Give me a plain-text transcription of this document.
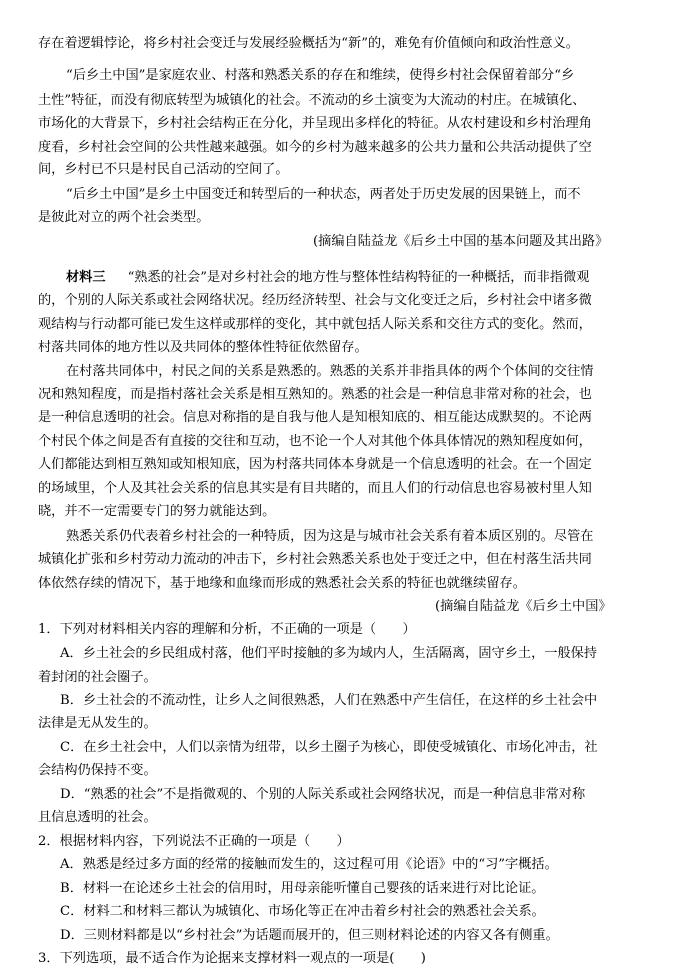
存在着逻辑悖论，将乡村社会变迁与发展经验概括为“新”的，难免有价值倾向和政治性意义。
“后乡土中国”是家庭农业、村落和熟悉关系的存在和维续，使得乡村社会保留着部分“乡
土性”特征，而没有彻底转型为城镇化的社会。不流动的乡土演变为大流动的村庄。在城镇化、
市场化的大背景下，乡村社会结构正在分化，并呈现出多样化的特征。从农村建设和乡村治理角
度看，乡村社会空间的公共性越来越强。如今的乡村为越来越多的公共力量和公共活动提供了空
间，乡村已不只是村民自己活动的空间了。
“后乡土中国”是乡土中国变迁和转型后的一种状态，两者处于历史发展的因果链上，而不
是彼此对立的两个社会类型。
(摘编自陆益龙《后乡土中国的基本问题及其出路》
材料三 “熟悉的社会”是对乡村社会的地方性与整体性结构特征的一种概括，而非指微观
的，个别的人际关系或社会网络状况。经历经济转型、社会与文化变迁之后，乡村社会中诸多微
观结构与行动都可能已发生这样或那样的变化，其中就包括人际关系和交往方式的变化。然而，
村落共同体的地方性以及共同体的整体性特征依然留存。
在村落共同体中，村民之间的关系是熟悉的。熟悉的关系并非指具体的两个个体间的交往情
况和熟知程度，而是指村落社会关系是相互熟知的。熟悉的社会是一种信息非常对称的社会，也
是一种信息透明的社会。信息对称指的是自我与他人是知根知底的、相互能达成默契的。不论两
个村民个体之间是否有直接的交往和互动，也不论一个人对其他个体具体情况的熟知程度如何，
人们都能达到相互熟知或知根知底，因为村落共同体本身就是一个信息透明的社会。在一个固定
的场域里，个人及其社会关系的信息其实是有目共睹的，而且人们的行动信息也容易被村里人知
晓，并不一定需要专门的努力就能达到。
熟悉关系仍代表着乡村社会的一种特质，因为这是与城市社会关系有着本质区别的。尽管在
城镇化扩张和乡村劳动力流动的冲击下，乡村社会熟悉关系也处于变迁之中，但在村落生活共同
体依然存续的情况下，基于地缘和血缘而形成的熟悉社会关系的特征也就继续留存。
(摘编自陆益龙《后乡土中国》
1．下列对材料相关内容的理解和分析，不正确的一项是（　　）
A．乡土社会的乡民组成村落，他们平时接触的多为域内人，生活隔离，固守乡土，一般保持
着封闭的社会圈子。
B．乡土社会的不流动性，让乡人之间很熟悉，人们在熟悉中产生信任，在这样的乡土社会中
法律是无从发生的。
C．在乡土社会中，人们以亲情为纽带，以乡土圈子为核心，即使受城镇化、市场化冲击，社
会结构仍保持不变。
D．“熟悉的社会”不是指微观的、个别的人际关系或社会网络状况，而是一种信息非常对称
且信息透明的社会。
2．根据材料内容，下列说法不正确的一项是（　　）
A．熟悉是经过多方面的经常的接触而发生的，这过程可用《论语》中的“习”字概括。
B．材料一在论述乡土社会的信用时，用母亲能听懂自己婴孩的话来进行对比论证。
C．材料二和材料三都认为城镇化、市场化等正在冲击着乡村社会的熟悉社会关系。
D．三则材料都是以“乡村社会”为话题而展开的，但三则材料论述的内容又各有侧重。
3．下列选项，最不适合作为论据来支撑材料一观点的一项是(　　)
